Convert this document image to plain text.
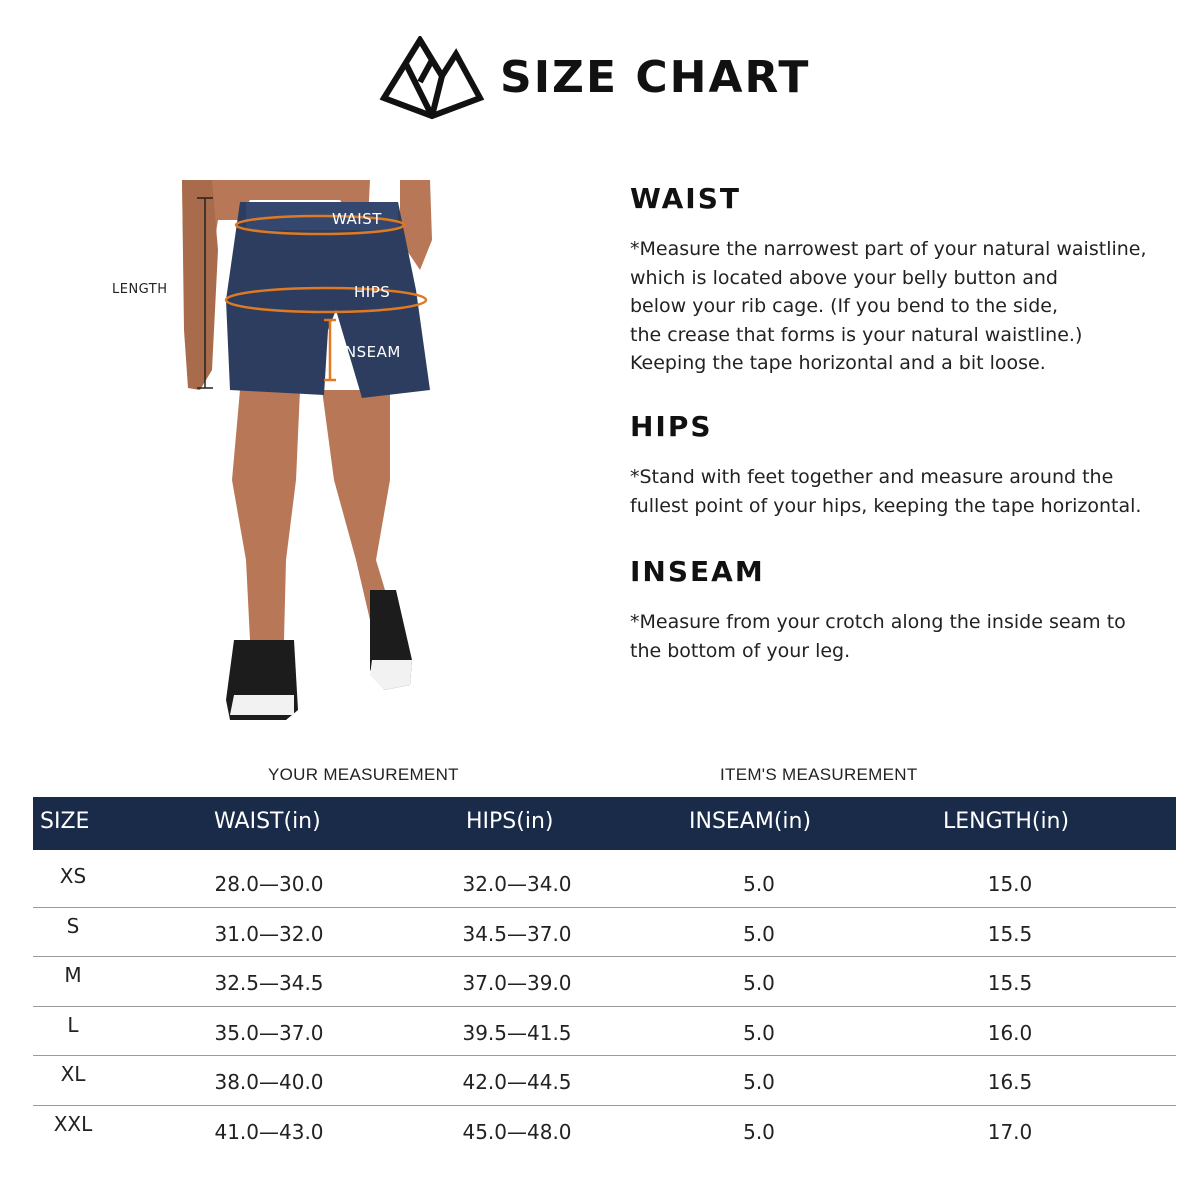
SIZE CHART
WAIST
HIPS
INSEAM
LENGTH
WAIST

*Measure the narrowest part of your natural waistline,

which is located above your belly button and

below your rib cage. (If you bend to the side,

the crease that forms is your natural waistline.)

Keeping the tape horizontal and a bit loose.

HIPS

*Stand with feet together and measure around the

fullest point of your hips, keeping the tape horizontal.

INSEAM

*Measure from your crotch along the inside seam to

the bottom of your leg.

YOUR MEASUREMENT	ITEM'S MEASUREMENT
SIZE	WAIST(in)	HIPS(in)	INSEAM(in)	LENGTH(in)
XS	28.0—30.0	32.0—34.0	5.0	15.0
S	31.0—32.0	34.5—37.0	5.0	15.5
M	32.5—34.5	37.0—39.0	5.0	15.5
L	35.0—37.0	39.5—41.5	5.0	16.0
XL	38.0—40.0	42.0—44.5	5.0	16.5
XXL	41.0—43.0	45.0—48.0	5.0	17.0
